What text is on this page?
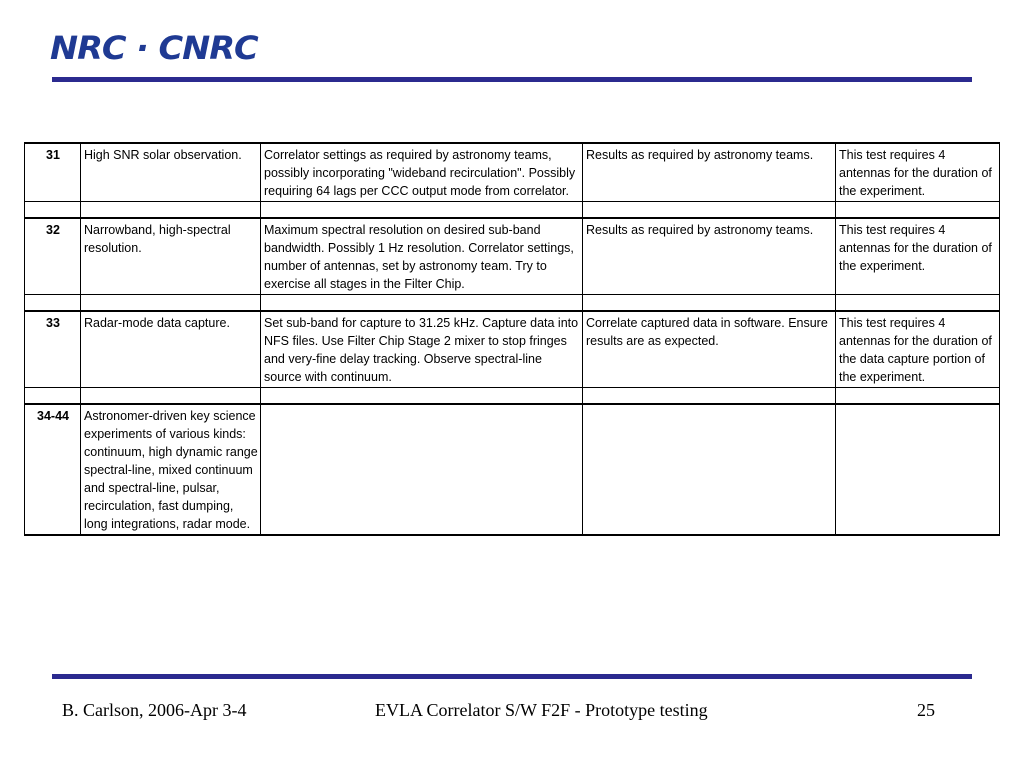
NRC · CNRC
31	High SNR solar observation.	Correlator settings as required by astronomy teams, possibly incorporating "wideband recirculation". Possibly requiring 64 lags per CCC output mode from correlator.	Results as required by astronomy teams.	This test requires 4 antennas for the duration of the experiment.

32	Narrowband, high-spectral resolution.	Maximum spectral resolution on desired sub-band bandwidth. Possibly 1 Hz resolution. Correlator settings, number of antennas, set by astronomy team. Try to exercise all stages in the Filter Chip.	Results as required by astronomy teams.	This test requires 4 antennas for the duration of the experiment.

33	Radar-mode data capture.	Set sub-band for capture to 31.25 kHz. Capture data into NFS files. Use Filter Chip Stage 2 mixer to stop fringes and very-fine delay tracking. Observe spectral-line source with continuum.	Correlate captured data in software. Ensure results are as expected.	This test requires 4 antennas for the duration of the data capture portion of the experiment.

34-44	Astronomer-driven key science experiments of various kinds: continuum, high dynamic range spectral-line, mixed continuum and spectral-line, pulsar, recirculation, fast dumping, long integrations, radar mode.			
B. Carlson, 2006-Apr 3-4	EVLA Correlator S/W F2F - Prototype testing	25
